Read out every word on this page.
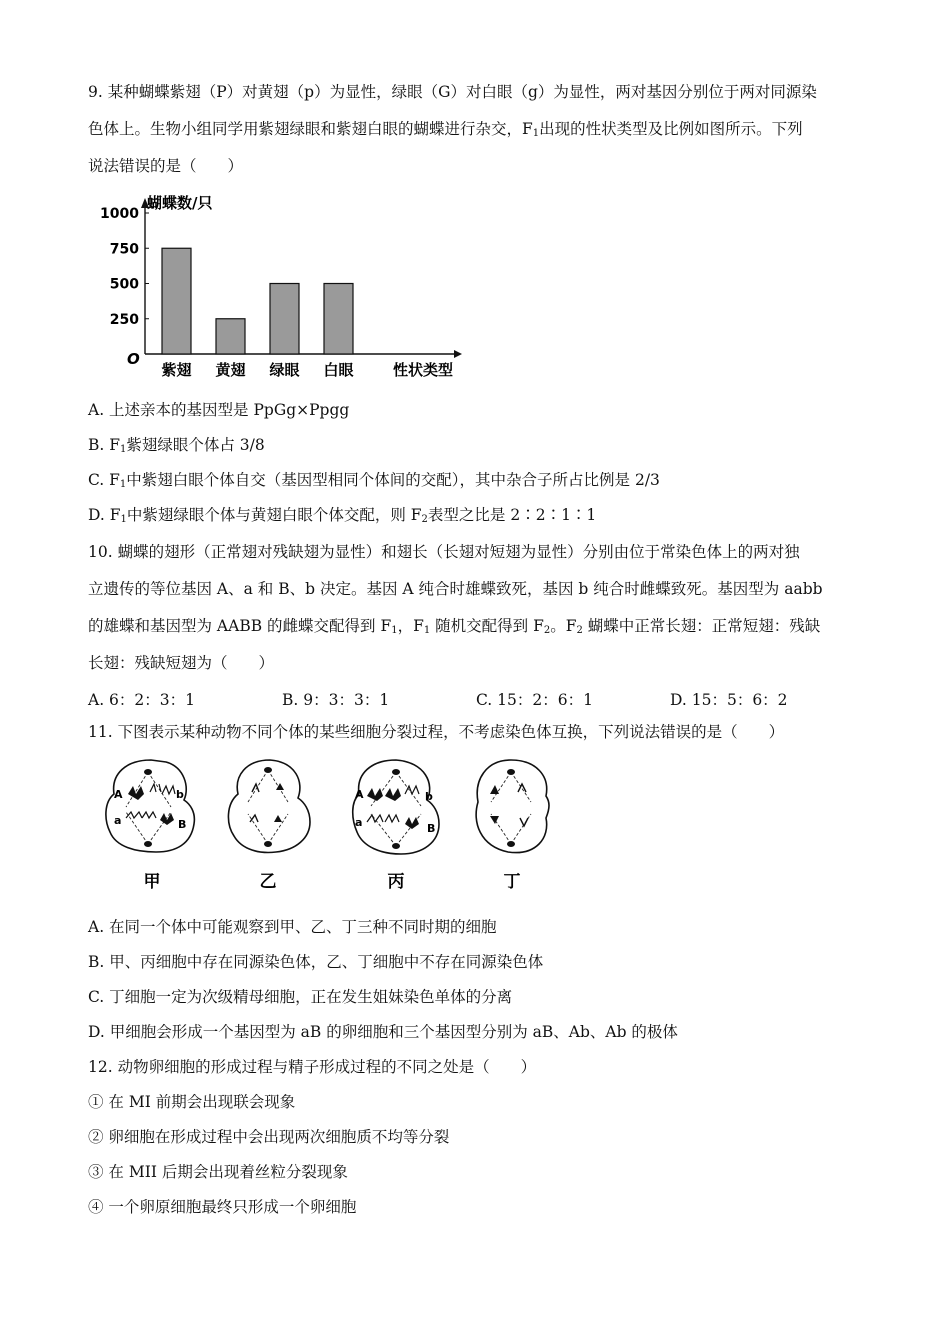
9. 某种蝴蝶紫翅（P）对黄翅（p）为显性，绿眼（G）对白眼（g）为显性，两对基因分别位于两对同源染
色体上。生物小组同学用紫翅绿眼和紫翅白眼的蝴蝶进行杂交，$F_1$出现的性状类型及比例如图所示。下列
说法错误的是（　　）
蝴蝶数/只
250
500
750
1000
O
紫翅 黄翅 绿眼 白眼	性状类型
A. 上述亲本的基因型是 PpGg×Ppgg
B. $F_1$紫翅绿眼个体占 3/8
C. $F_1$中紫翅白眼个体自交（基因型相同个体间的交配），其中杂合子所占比例是 2/3
D. $F_1$中紫翅绿眼个体与黄翅白眼个体交配，则 $F_2$表型之比是 2∶2∶1∶1
10. 蝴蝶的翅形（正常翅对残缺翅为显性）和翅长（长翅对短翅为显性）分别由位于常染色体上的两对独
立遗传的等位基因 A、a 和 B、b 决定。基因 A 纯合时雄蝶致死，基因 b 纯合时雌蝶致死。基因型为 aabb
的雄蝶和基因型为 AABB 的雌蝶交配得到 $F_1$，$F_1$ 随机交配得到 $F_2$。$F_2$ 蝴蝶中正常长翅：正常短翅：残缺
长翅：残缺短翅为（　　）
A. 6：2：3：1	B. 9：3：3：1	C. 15：2：6：1	D. 15：5：6：2
11. 下图表示某种动物不同个体的某些细胞分裂过程，不考虑染色体互换，下列说法错误的是（　　）
A	b
a	B
A	b
a	B
甲	乙	丙	丁
A. 在同一个体中可能观察到甲、乙、丁三种不同时期的细胞
B. 甲、丙细胞中存在同源染色体，乙、丁细胞中不存在同源染色体
C. 丁细胞一定为次级精母细胞，正在发生姐妹染色单体的分离
D. 甲细胞会形成一个基因型为 aB 的卵细胞和三个基因型分别为 aB、Ab、Ab 的极体
12. 动物卵细胞的形成过程与精子形成过程的不同之处是（　　）
① 在 MI 前期会出现联会现象
② 卵细胞在形成过程中会出现两次细胞质不均等分裂
③ 在 MII 后期会出现着丝粒分裂现象
④ 一个卵原细胞最终只形成一个卵细胞
